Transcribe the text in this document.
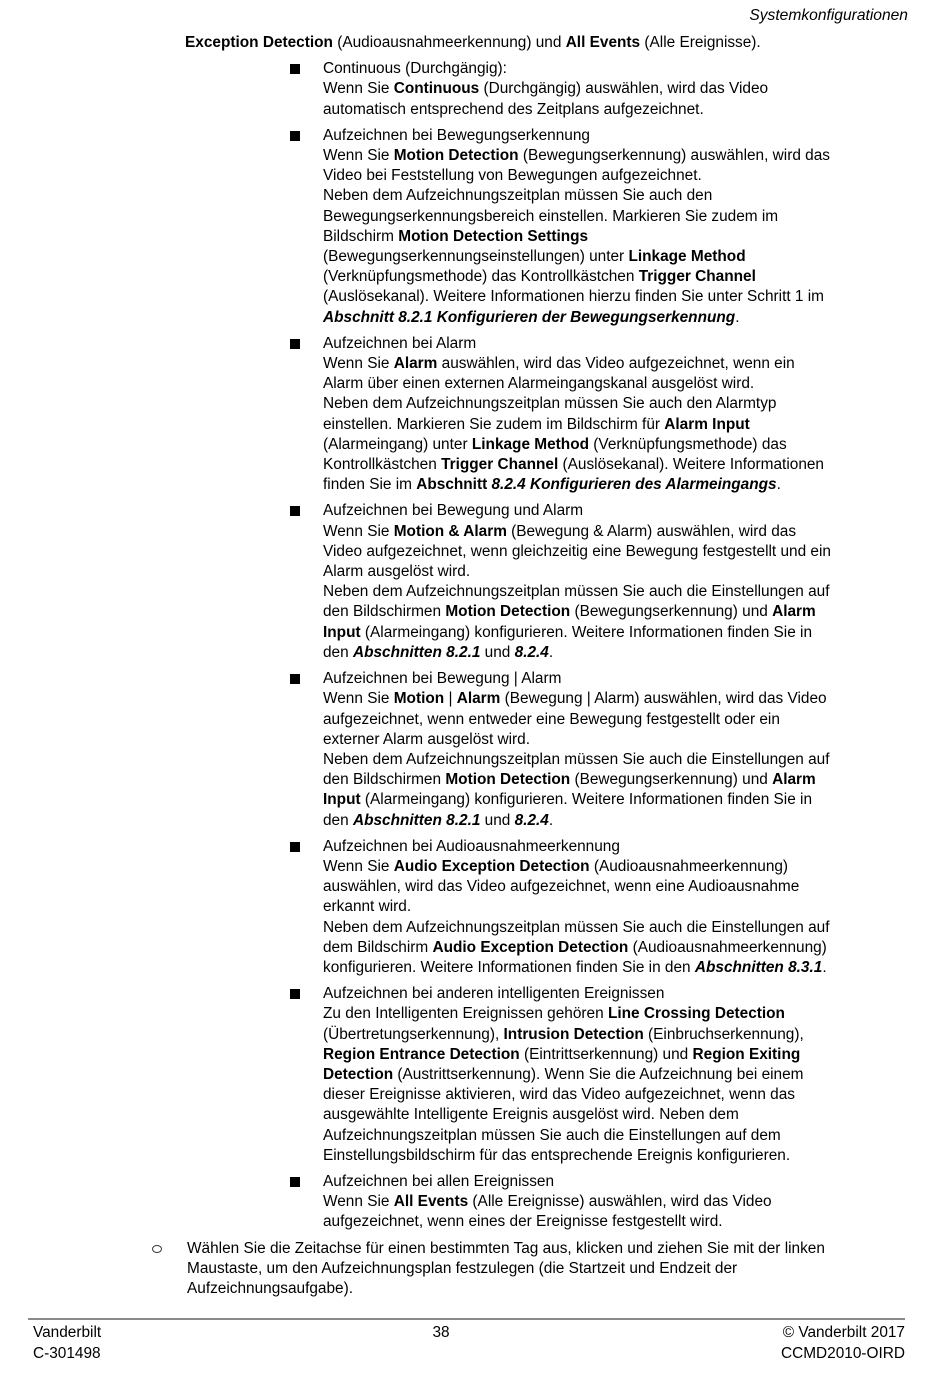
Systemkonfigurationen
Exception Detection (Audioausnahmeerkennung) und All Events (Alle Ereignisse).
Continuous (Durchgängig):
Wenn Sie Continuous (Durchgängig) auswählen, wird das Video
automatisch entsprechend des Zeitplans aufgezeichnet.
Aufzeichnen bei Bewegungserkennung
Wenn Sie Motion Detection (Bewegungserkennung) auswählen, wird das
Video bei Feststellung von Bewegungen aufgezeichnet.
Neben dem Aufzeichnungszeitplan müssen Sie auch den
Bewegungserkennungsbereich einstellen. Markieren Sie zudem im
Bildschirm Motion Detection Settings
(Bewegungserkennungseinstellungen) unter Linkage Method
(Verknüpfungsmethode) das Kontrollkästchen Trigger Channel
(Auslösekanal). Weitere Informationen hierzu finden Sie unter Schritt 1 im
Abschnitt 8.2.1 Konfigurieren der Bewegungserkennung.
Aufzeichnen bei Alarm
Wenn Sie Alarm auswählen, wird das Video aufgezeichnet, wenn ein
Alarm über einen externen Alarmeingangskanal ausgelöst wird.
Neben dem Aufzeichnungszeitplan müssen Sie auch den Alarmtyp
einstellen. Markieren Sie zudem im Bildschirm für Alarm Input
(Alarmeingang) unter Linkage Method (Verknüpfungsmethode) das
Kontrollkästchen Trigger Channel (Auslösekanal). Weitere Informationen
finden Sie im Abschnitt 8.2.4 Konfigurieren des Alarmeingangs.
Aufzeichnen bei Bewegung und Alarm
Wenn Sie Motion & Alarm (Bewegung & Alarm) auswählen, wird das
Video aufgezeichnet, wenn gleichzeitig eine Bewegung festgestellt und ein
Alarm ausgelöst wird.
Neben dem Aufzeichnungszeitplan müssen Sie auch die Einstellungen auf
den Bildschirmen Motion Detection (Bewegungserkennung) und Alarm
Input (Alarmeingang) konfigurieren. Weitere Informationen finden Sie in
den Abschnitten 8.2.1 und 8.2.4.
Aufzeichnen bei Bewegung | Alarm
Wenn Sie Motion | Alarm (Bewegung | Alarm) auswählen, wird das Video
aufgezeichnet, wenn entweder eine Bewegung festgestellt oder ein
externer Alarm ausgelöst wird.
Neben dem Aufzeichnungszeitplan müssen Sie auch die Einstellungen auf
den Bildschirmen Motion Detection (Bewegungserkennung) und Alarm
Input (Alarmeingang) konfigurieren. Weitere Informationen finden Sie in
den Abschnitten 8.2.1 und 8.2.4.
Aufzeichnen bei Audioausnahmeerkennung
Wenn Sie Audio Exception Detection (Audioausnahmeerkennung)
auswählen, wird das Video aufgezeichnet, wenn eine Audioausnahme
erkannt wird.
Neben dem Aufzeichnungszeitplan müssen Sie auch die Einstellungen auf
dem Bildschirm Audio Exception Detection (Audioausnahmeerkennung)
konfigurieren. Weitere Informationen finden Sie in den Abschnitten 8.3.1.
Aufzeichnen bei anderen intelligenten Ereignissen
Zu den Intelligenten Ereignissen gehören Line Crossing Detection
(Übertretungserkennung), Intrusion Detection (Einbruchserkennung),
Region Entrance Detection (Eintrittserkennung) und Region Exiting
Detection (Austrittserkennung). Wenn Sie die Aufzeichnung bei einem
dieser Ereignisse aktivieren, wird das Video aufgezeichnet, wenn das
ausgewählte Intelligente Ereignis ausgelöst wird. Neben dem
Aufzeichnungszeitplan müssen Sie auch die Einstellungen auf dem
Einstellungsbildschirm für das entsprechende Ereignis konfigurieren.
Aufzeichnen bei allen Ereignissen
Wenn Sie All Events (Alle Ereignisse) auswählen, wird das Video
aufgezeichnet, wenn eines der Ereignisse festgestellt wird.
Wählen Sie die Zeitachse für einen bestimmten Tag aus, klicken und ziehen Sie mit der linken
Maustaste, um den Aufzeichnungsplan festzulegen (die Startzeit und Endzeit der
Aufzeichnungsaufgabe).
Vanderbilt
C-301498
38	© Vanderbilt 2017
CCMD2010-OIRD
